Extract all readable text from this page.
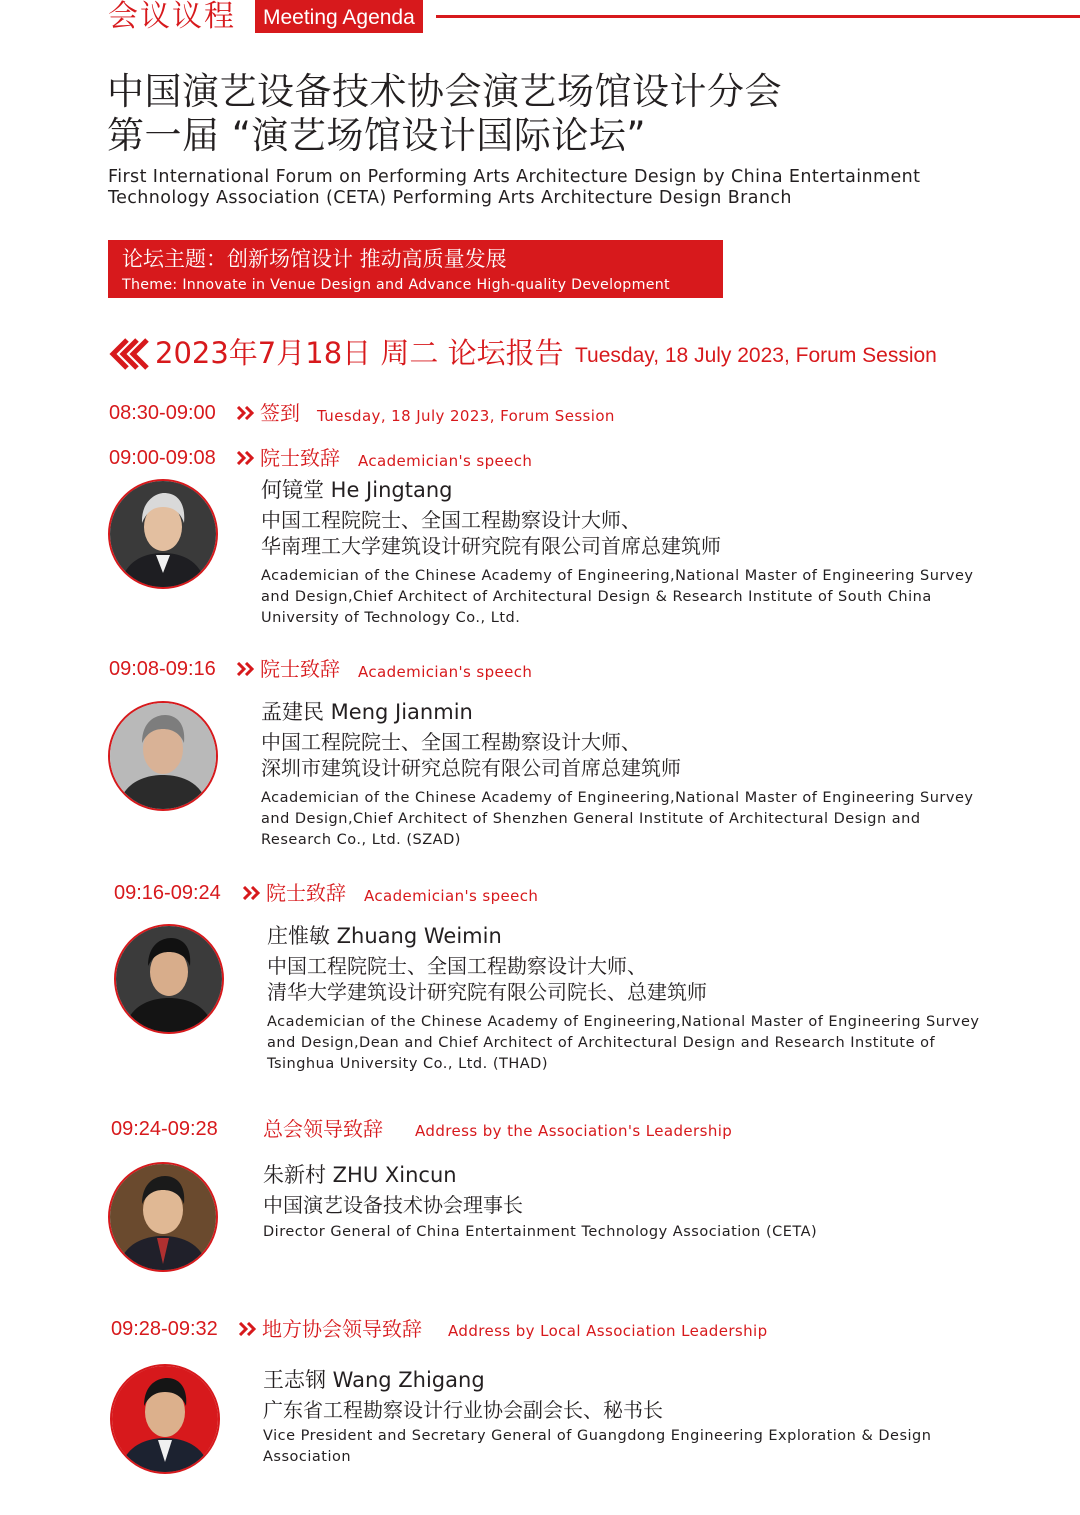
会议议程	Meeting Agenda
中国演艺设备技术协会演艺场馆设计分会
第一届 “演艺场馆设计国际论坛”
First International Forum on Performing Arts Architecture Design by China Entertainment Technology Association (CETA) Performing Arts Architecture Design Branch
论坛主题：创新场馆设计 推动高质量发展
Theme: Innovate in Venue Design and Advance High-quality Development
2023年7月18日 周二 论坛报告 Tuesday, 18 July 2023, Forum Session
08:30-09:00 签到 Tuesday, 18 July 2023, Forum Session
09:00-09:08 院士致辞 Academician's speech
何镜堂 He Jingtang
中国工程院院士、全国工程勘察设计大师、
华南理工大学建筑设计研究院有限公司首席总建筑师
Academician of the Chinese Academy of Engineering,National Master of Engineering Survey and Design,Chief Architect of Architectural Design & Research Institute of South China University of Technology Co., Ltd.
09:08-09:16 院士致辞 Academician's speech
孟建民 Meng Jianmin
中国工程院院士、全国工程勘察设计大师、
深圳市建筑设计研究总院有限公司首席总建筑师
Academician of the Chinese Academy of Engineering,National Master of Engineering Survey and Design,Chief Architect of Shenzhen General Institute of Architectural Design and Research Co., Ltd. (SZAD)
09:16-09:24 院士致辞 Academician's speech
庄惟敏 Zhuang Weimin
中国工程院院士、全国工程勘察设计大师、
清华大学建筑设计研究院有限公司院长、总建筑师
Academician of the Chinese Academy of Engineering,National Master of Engineering Survey and Design,Dean and Chief Architect of Architectural Design and Research Institute of Tsinghua University Co., Ltd. (THAD)
09:24-09:28 总会领导致辞 Address by the Association's Leadership
朱新村 ZHU Xincun
中国演艺设备技术协会理事长
Director General of China Entertainment Technology Association (CETA)
09:28-09:32 地方协会领导致辞 Address by Local Association Leadership
王志钢 Wang Zhigang
广东省工程勘察设计行业协会副会长、秘书长
Vice President and Secretary General of Guangdong Engineering Exploration & Design Association
